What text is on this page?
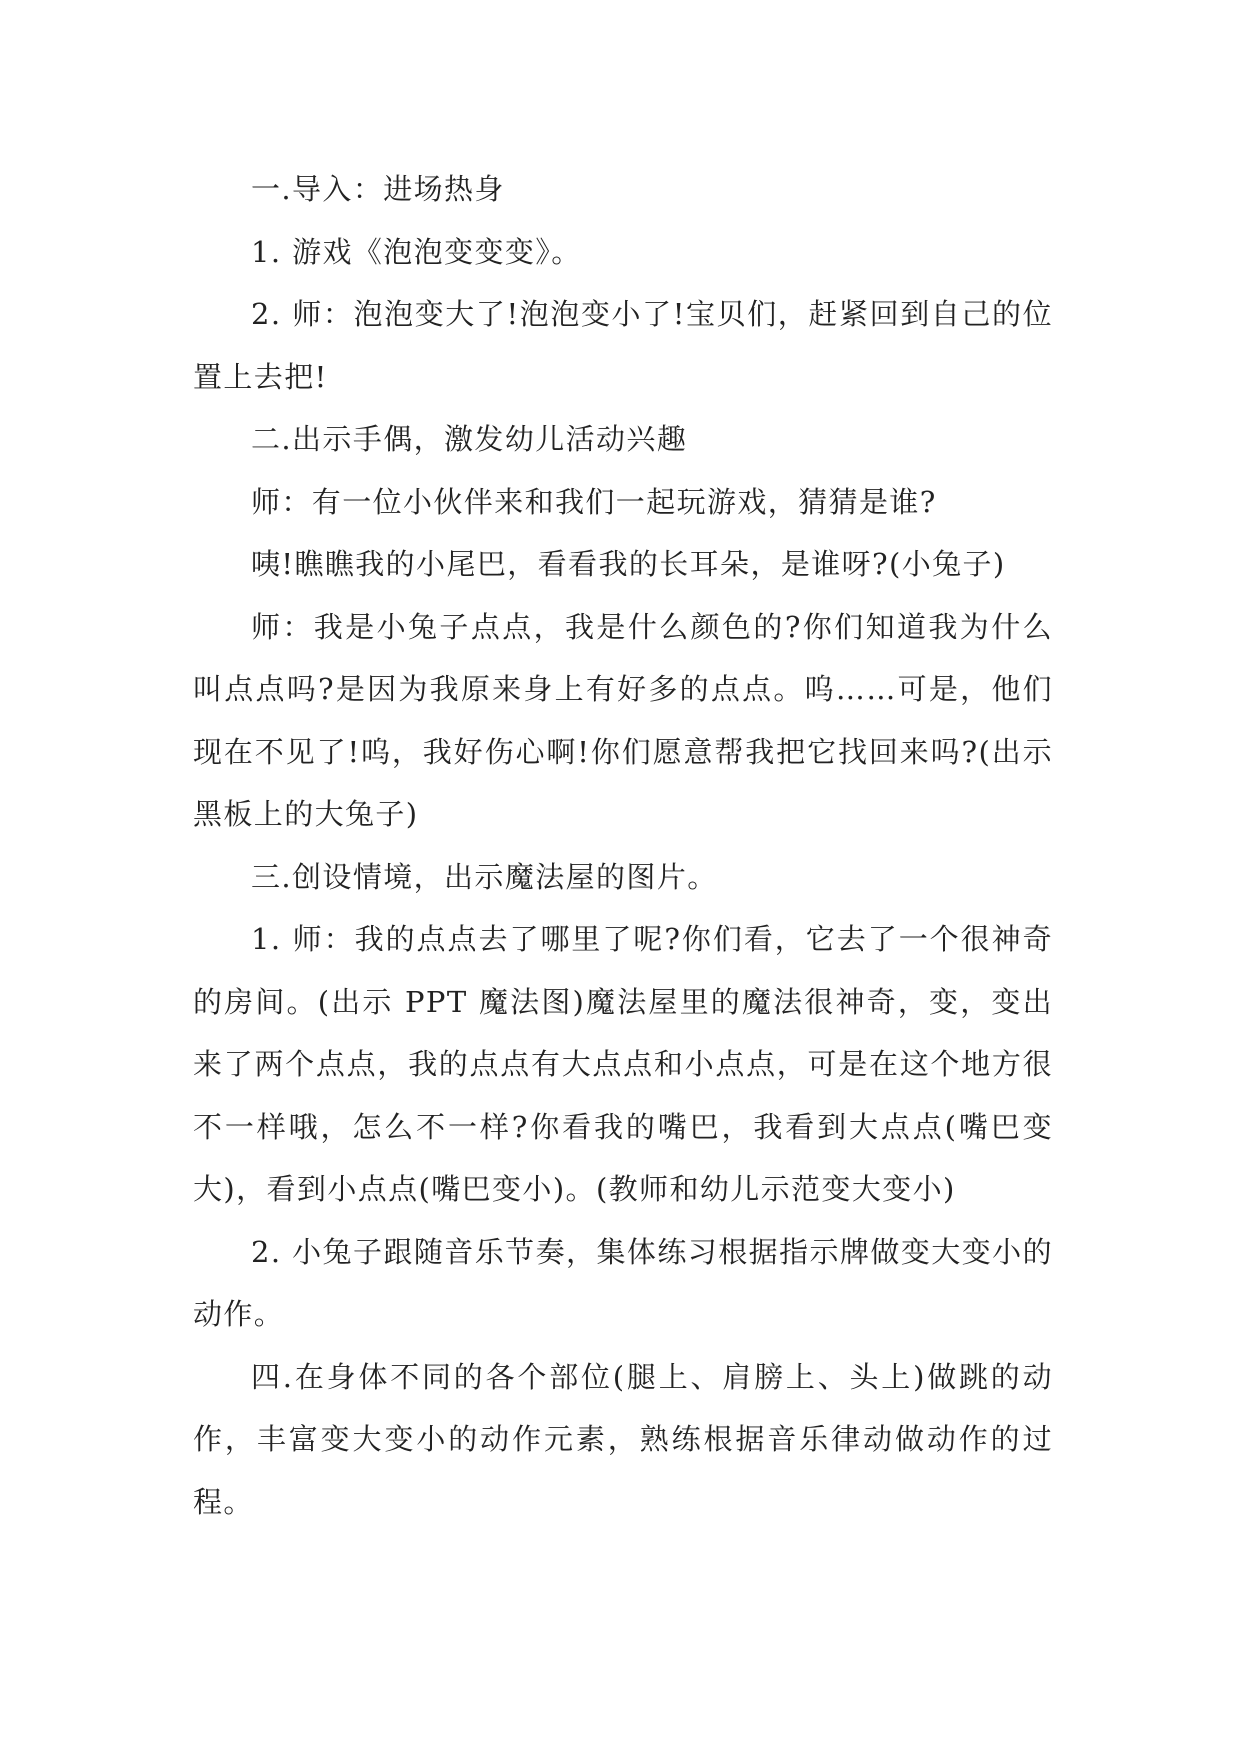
一.导入：进场热身

1. 游戏《泡泡变变变》。

2. 师：泡泡变大了!泡泡变小了!宝贝们，赶紧回到自己的位置上去把!

二.出示手偶，激发幼儿活动兴趣

师：有一位小伙伴来和我们一起玩游戏，猜猜是谁?

咦!瞧瞧我的小尾巴，看看我的长耳朵，是谁呀?(小兔子)

师：我是小兔子点点，我是什么颜色的?你们知道我为什么叫点点吗?是因为我原来身上有好多的点点。呜……可是，他们现在不见了!呜，我好伤心啊!你们愿意帮我把它找回来吗?(出示黑板上的大兔子)

三.创设情境，出示魔法屋的图片。

1. 师：我的点点去了哪里了呢?你们看，它去了一个很神奇的房间。(出示 PPT 魔法图)魔法屋里的魔法很神奇，变，变出来了两个点点，我的点点有大点点和小点点，可是在这个地方很不一样哦，怎么不一样?你看我的嘴巴，我看到大点点(嘴巴变大)，看到小点点(嘴巴变小)。(教师和幼儿示范变大变小)

2. 小兔子跟随音乐节奏，集体练习根据指示牌做变大变小的动作。

四.在身体不同的各个部位(腿上、肩膀上、头上)做跳的动作，丰富变大变小的动作元素，熟练根据音乐律动做动作的过程。
